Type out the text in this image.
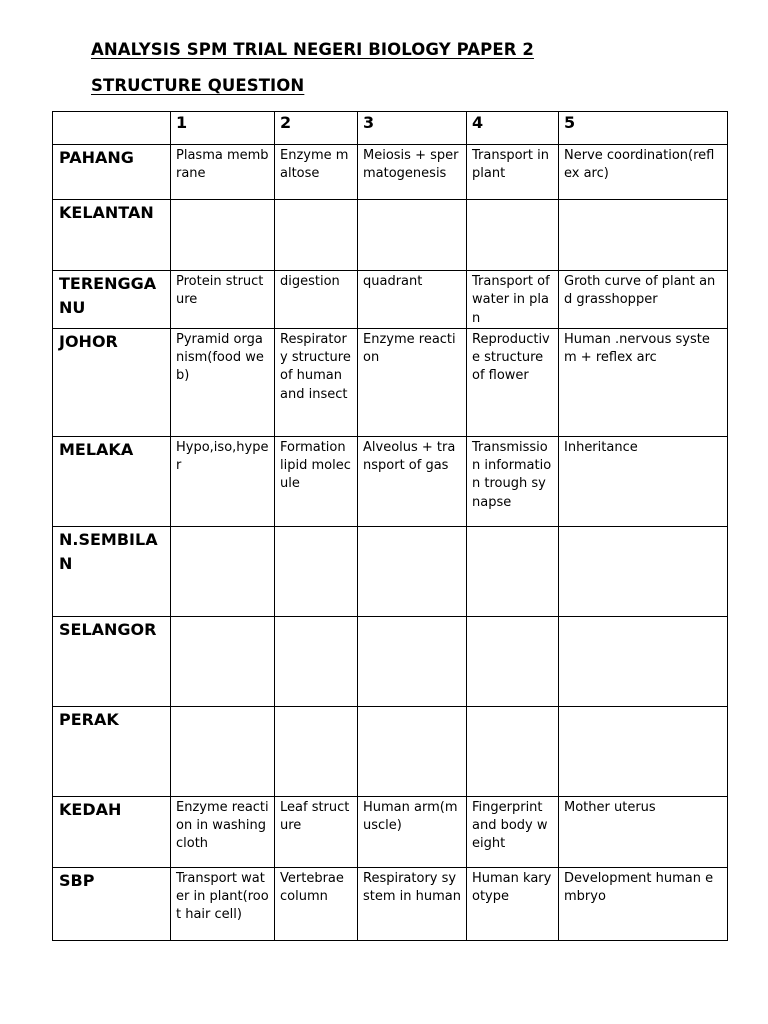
ANALYSIS SPM TRIAL NEGERI BIOLOGY PAPER 2
STRUCTURE QUESTION
	1	2	3	4	5
PAHANG	Plasma membrane	Enzyme maltose	Meiosis + spermatogenesis	Transport in plant	Nerve coordination(reflex arc)
KELANTAN					
TERENGGANU	Protein structure	digestion	quadrant	Transport of water in plan	Groth curve of plant and grasshopper
JOHOR	Pyramid organism(food web)	Respiratory structure of human and insect	Enzyme reaction	Reproductive structure of flower	Human .nervous system + reflex arc
MELAKA	Hypo,iso,hyper	Formation lipid molecule	Alveolus + transport of gas	Transmission information trough synapse	Inheritance
N.SEMBILAN					
SELANGOR					
PERAK					
KEDAH	Enzyme reaction in washing cloth	Leaf structure	Human arm(muscle)	Fingerprint and body weight	Mother uterus
SBP	Transport water in plant(root hair cell)	Vertebrae column	Respiratory system in human	Human karyotype	Development human embryo
